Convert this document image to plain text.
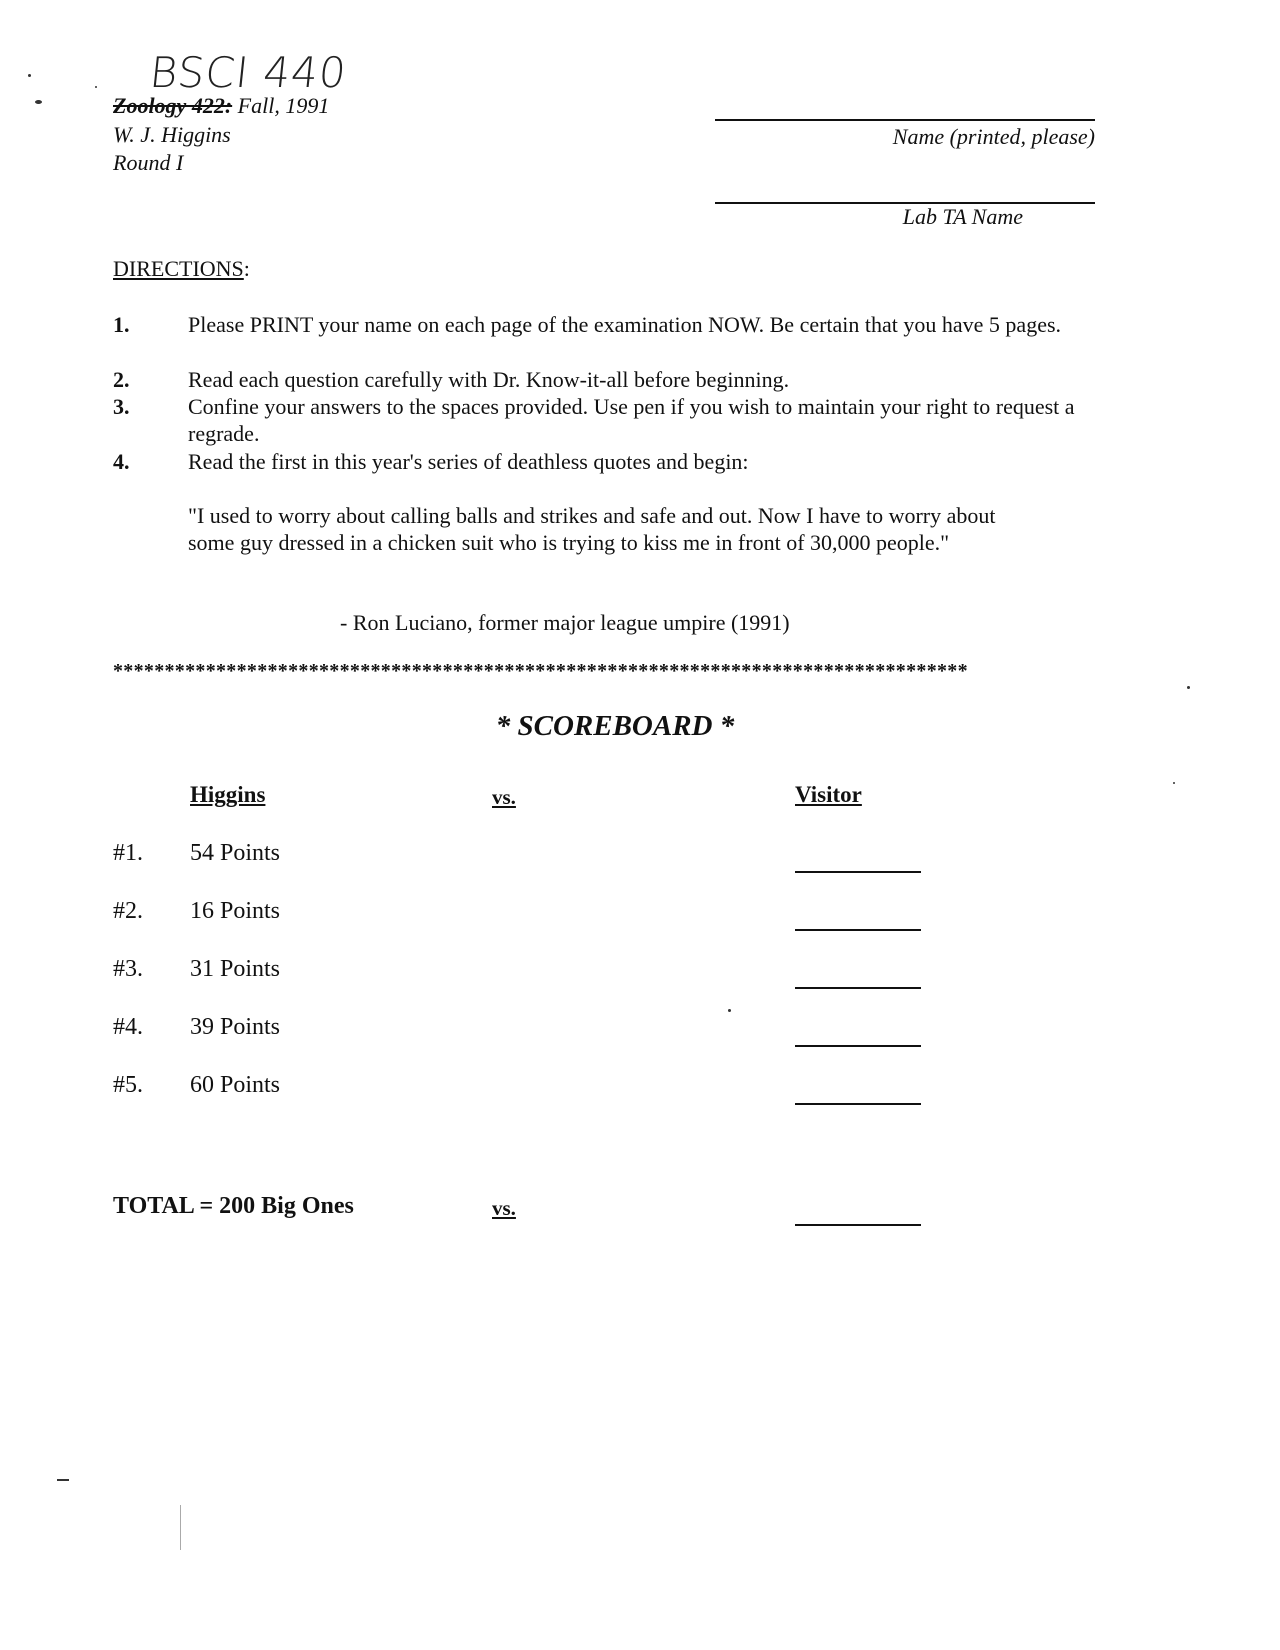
BSCI 440
Zoology 422: Fall, 1991
W. J. Higgins
Round I
Name (printed, please)
Lab TA Name
DIRECTIONS:
1.	Please PRINT your name on each page of the examination NOW. Be certain that you have 5 pages.
2.	Read each question carefully with Dr. Know-it-all before beginning.
3.	Confine your answers to the spaces provided. Use pen if you wish to maintain your right to request a regrade.
4.	Read the first in this year's series of deathless quotes and begin:
"I used to worry about calling balls and strikes and safe and out. Now I have to worry about some guy dressed in a chicken suit who is trying to kiss me in front of 30,000 people."
- Ron Luciano, former major league umpire (1991)
***********************************************************************************
* SCOREBOARD *
Higgins	vs.	Visitor
#1. 54 Points
#2. 16 Points
#3. 31 Points
#4. 39 Points
#5. 60 Points
TOTAL = 200 Big Ones	vs.
